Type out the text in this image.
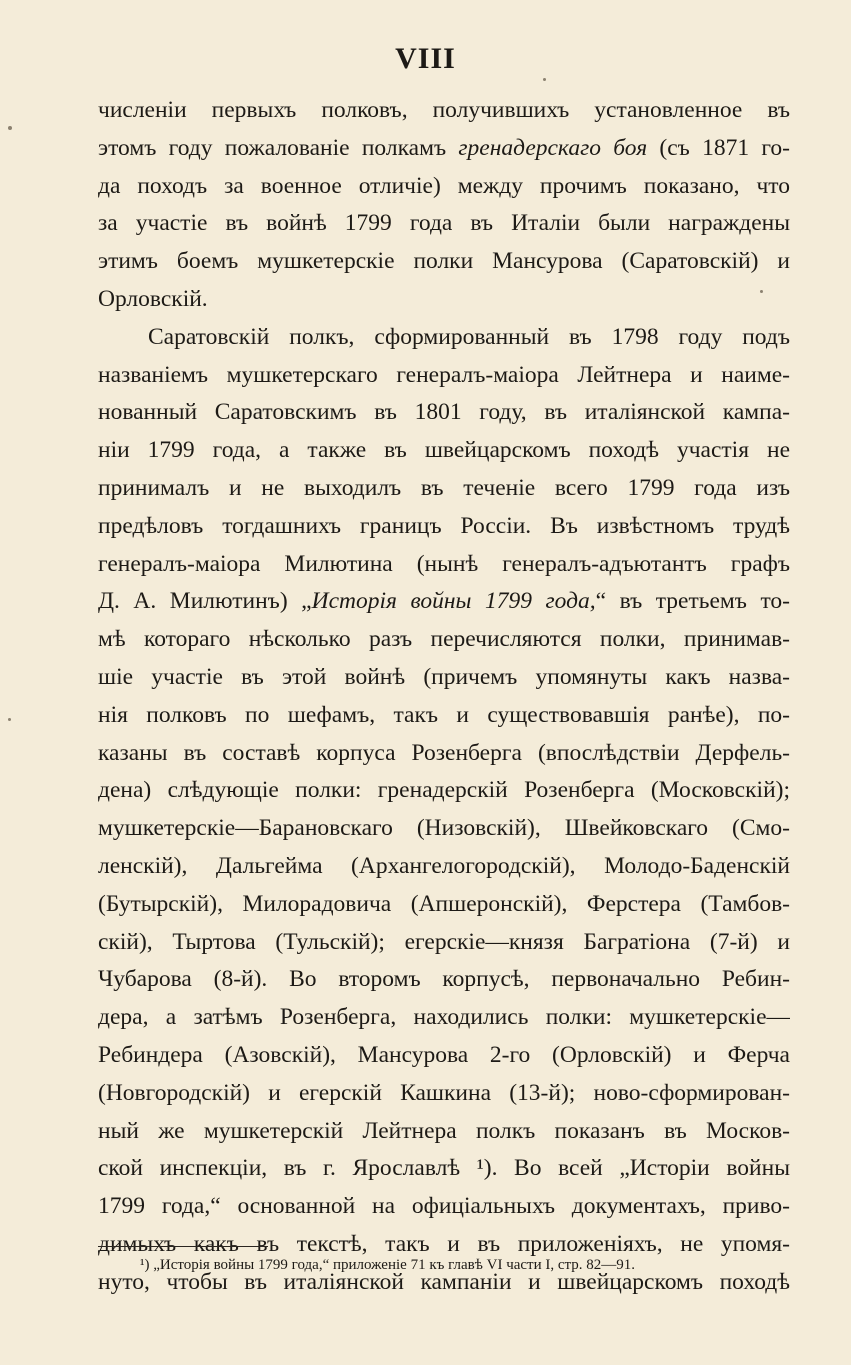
VIII
численіи первыхъ полковъ, получившихъ установленное въ
этомъ году пожалованіе полкамъ гренадерскаго боя (съ 1871 го-
да походъ за военное отличіе) между прочимъ показано, что
за участіе въ войнѣ 1799 года въ Италіи были награждены
этимъ боемъ мушкетерскіе полки Мансурова (Саратовскій) и
Орловскій.
Саратовскій полкъ, сформированный въ 1798 году подъ
названіемъ мушкетерскаго генералъ-маіора Лейтнера и наиме-
нованный Саратовскимъ въ 1801 году, въ италіянской кампа-
ніи 1799 года, а также въ швейцарскомъ походѣ участія не
принималъ и не выходилъ въ теченіе всего 1799 года изъ
предѣловъ тогдашнихъ границъ Россіи. Въ извѣстномъ трудѣ
генералъ-маіора Милютина (нынѣ генералъ-адъютантъ графъ
Д. А. Милютинъ) „Исторія войны 1799 года,“ въ третьемъ то-
мѣ котораго нѣсколько разъ перечисляются полки, принимав-
шіе участіе въ этой войнѣ (причемъ упомянуты какъ назва-
нія полковъ по шефамъ, такъ и существовавшія ранѣе), по-
казаны въ составѣ корпуса Розенберга (впослѣдствіи Дерфель-
дена) слѣдующіе полки: гренадерскій Розенберга (Московскій);
мушкетерскіе—Барановскаго (Низовскій), Швейковскаго (Смо-
ленскій), Дальгейма (Архангелогородскій), Молодо-Баденскій
(Бутырскій), Милорадовича (Апшеронскій), Ферстера (Тамбов-
скій), Тыртова (Тульскій); егерскіе—князя Багратіона (7-й) и
Чубарова (8-й). Во второмъ корпусѣ, первоначально Ребин-
дера, а затѣмъ Розенберга, находились полки: мушкетерскіе—
Ребиндера (Азовскій), Мансурова 2-го (Орловскій) и Ферча
(Новгородскій) и егерскій Кашкина (13-й); ново-сформирован-
ный же мушкетерскій Лейтнера полкъ показанъ въ Москов-
ской инспекціи, въ г. Ярославлѣ ¹). Во всей „Исторіи войны
1799 года,“ основанной на офиціальныхъ документахъ, приво-
димыхъ какъ въ текстѣ, такъ и въ приложеніяхъ, не упомя-
нуто, чтобы въ италіянской кампаніи и швейцарскомъ походѣ
¹) „Исторія войны 1799 года,“ приложеніе 71 къ главѣ VI части I, стр. 82—91.
